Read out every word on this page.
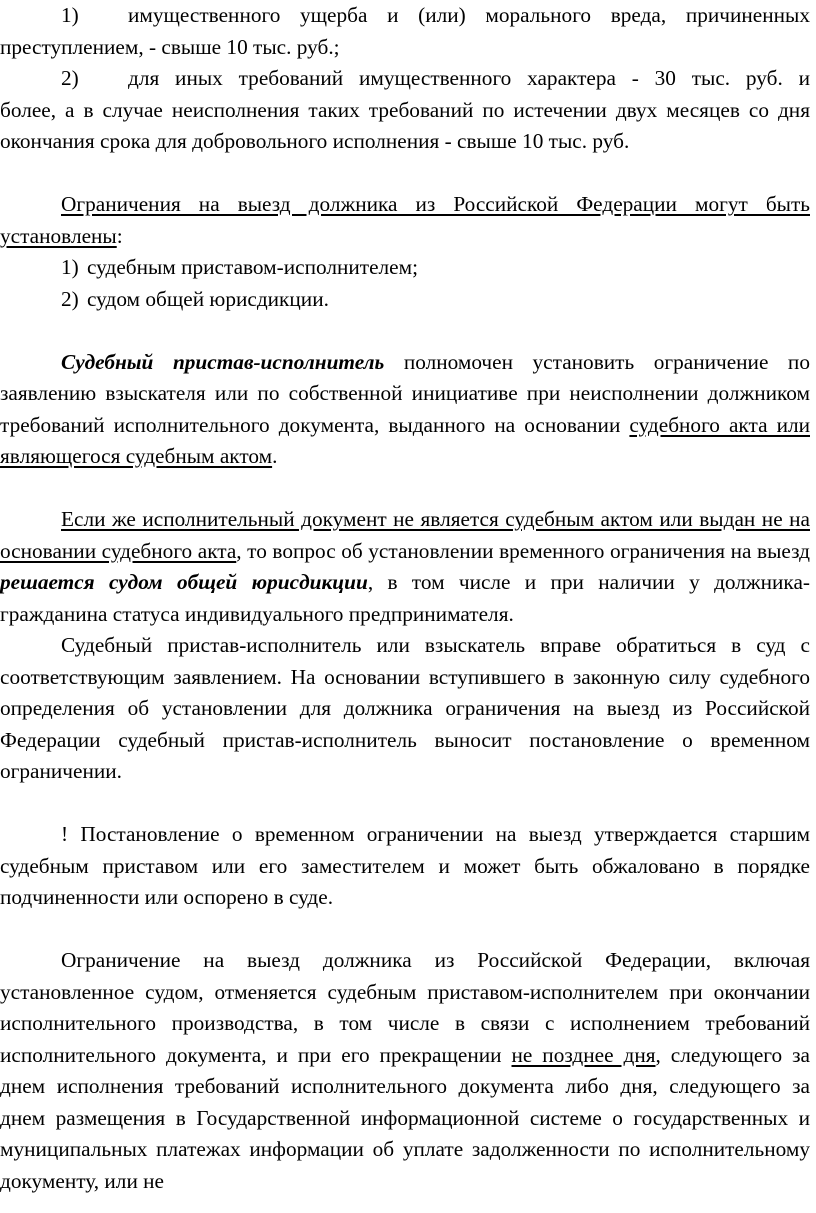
1)	имущественного ущерба и (или) морального вреда, причиненных
преступлением, - свыше 10 тыс. руб.;

2)	для иных требований имущественного характера - 30 тыс. руб. и
более, а в случае неисполнения таких требований по истечении двух месяцев со дня окончания срока для добровольного исполнения - свыше 10 тыс. руб.

Ограничения на выезд должника из Российской Федерации могут быть установлены:

1) судебным приставом-исполнителем;

2) судом общей юрисдикции.

Судебный пристав-исполнитель полномочен установить ограничение по заявлению взыскателя или по собственной инициативе при неисполнении должником требований исполнительного документа, выданного на основании судебного акта или являющегося судебным актом.

Если же исполнительный документ не является судебным актом или выдан не на основании судебного акта, то вопрос об установлении временного ограничения на выезд решается судом общей юрисдикции, в том числе и при наличии у должника-гражданина статуса индивидуального предпринимателя.

Судебный пристав-исполнитель или взыскатель вправе обратиться в суд с соответствующим заявлением. На основании вступившего в законную силу судебного определения об установлении для должника ограничения на выезд из Российской Федерации судебный пристав-исполнитель выносит постановление о временном ограничении.

! Постановление о временном ограничении на выезд утверждается старшим судебным приставом или его заместителем и может быть обжаловано в порядке подчиненности или оспорено в суде.

Ограничение на выезд должника из Российской Федерации, включая установленное судом, отменяется судебным приставом-исполнителем при окончании исполнительного производства, в том числе в связи с исполнением требований исполнительного документа, и при его прекращении не позднее дня, следующего за днем исполнения требований исполнительного документа либо дня, следующего за днем размещения в Государственной информационной системе о государственных и муниципальных платежах информации об уплате задолженности по исполнительному документу, или не
